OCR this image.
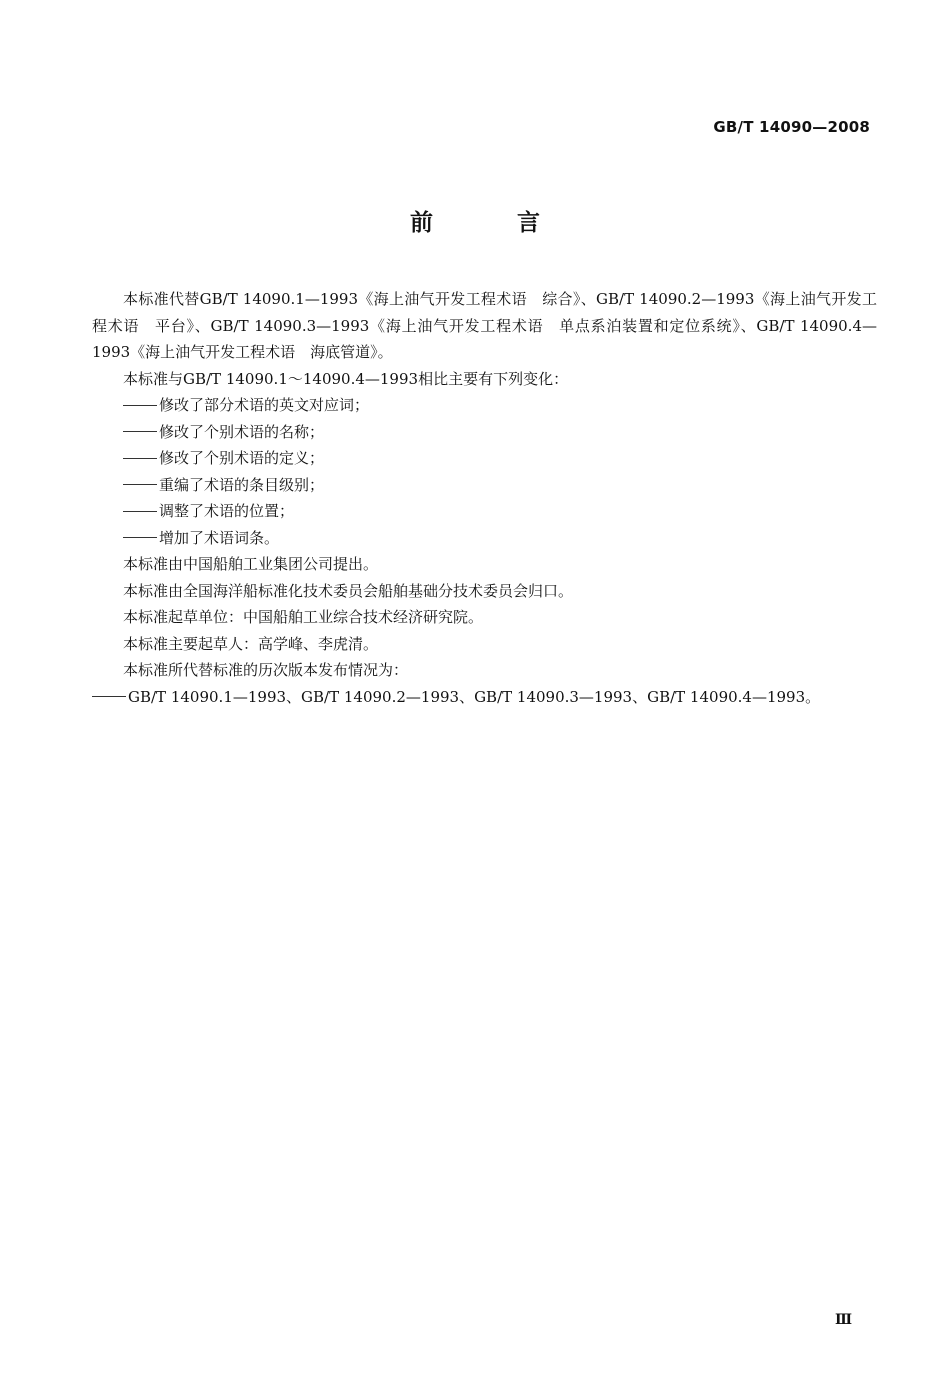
GB/T 14090—2008
前 言

本标准代替GB/T 14090.1—1993《海上油气开发工程术语　综合》、GB/T 14090.2—1993《海上油气开发工程术语　平台》、GB/T 14090.3—1993《海上油气开发工程术语　单点系泊装置和定位系统》、GB/T 14090.4—1993《海上油气开发工程术语　海底管道》。

本标准与GB/T 14090.1～14090.4—1993相比主要有下列变化：

修改了部分术语的英文对应词；

修改了个别术语的名称；

修改了个别术语的定义；

重编了术语的条目级别；

调整了术语的位置；

增加了术语词条。

本标准由中国船舶工业集团公司提出。

本标准由全国海洋船标准化技术委员会船舶基础分技术委员会归口。

本标准起草单位：中国船舶工业综合技术经济研究院。

本标准主要起草人：高学峰、李虎清。

本标准所代替标准的历次版本发布情况为：

GB/T 14090.1—1993、GB/T 14090.2—1993、GB/T 14090.3—1993、GB/T 14090.4—1993。

Ⅲ
